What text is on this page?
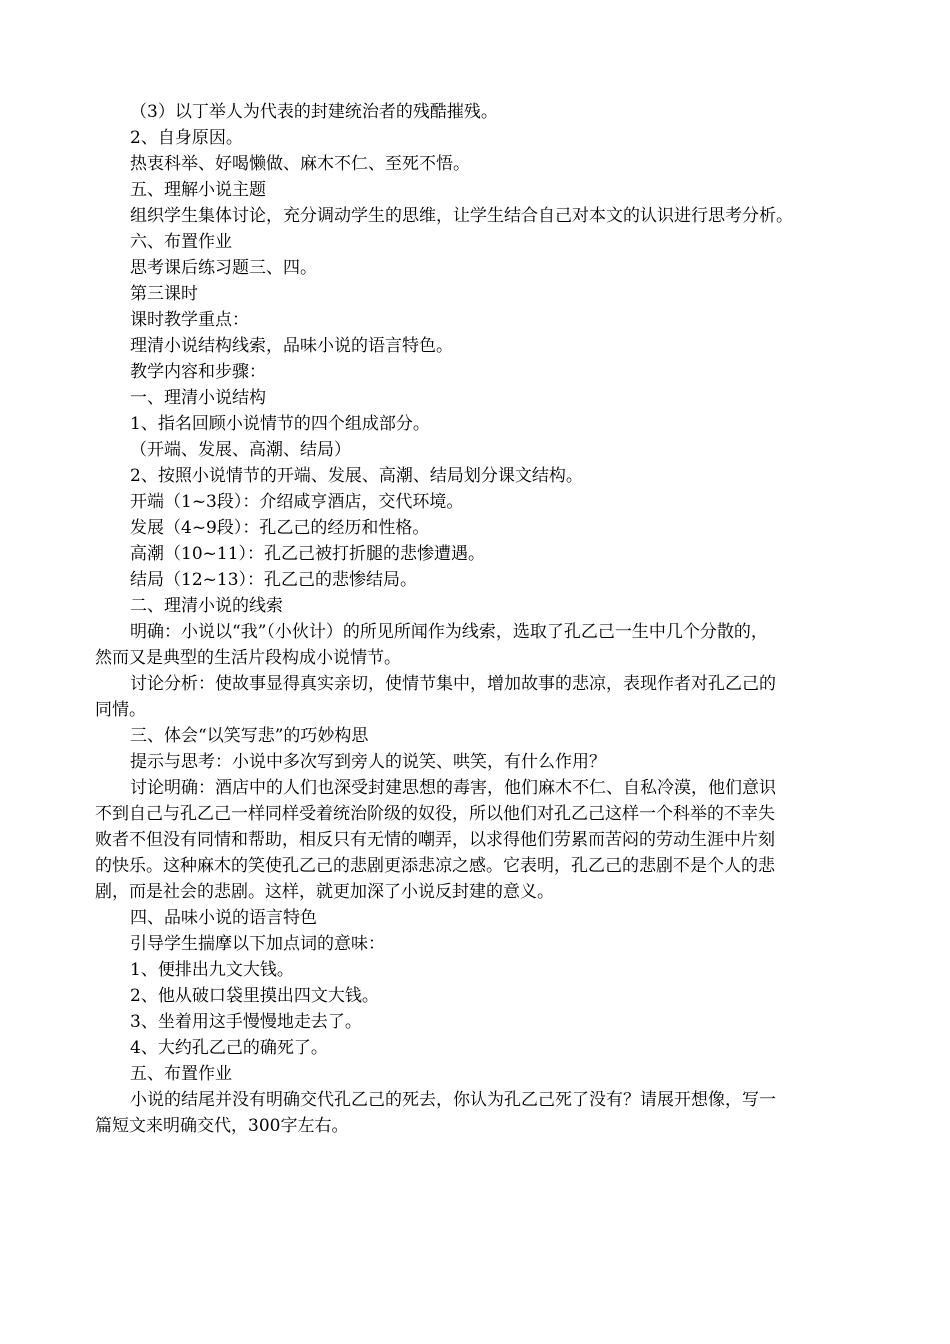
（3）以丁举人为代表的封建统治者的残酷摧残。
2、自身原因。
热衷科举、好喝懒做、麻木不仁、至死不悟。
五、理解小说主题
组织学生集体讨论，充分调动学生的思维，让学生结合自己对本文的认识进行思考分析。
六、布置作业
思考课后练习题三、四。
第三课时
课时教学重点：
理清小说结构线索，品味小说的语言特色。
教学内容和步骤：
一、理清小说结构
1、指名回顾小说情节的四个组成部分。
（开端、发展、高潮、结局）
2、按照小说情节的开端、发展、高潮、结局划分课文结构。
开端（1~3段）：介绍咸亨酒店，交代环境。
发展（4~9段）：孔乙己的经历和性格。
高潮（10~11）：孔乙己被打折腿的悲惨遭遇。
结局（12~13）：孔乙己的悲惨结局。
二、理清小说的线索
明确：小说以“我”（小伙计）的所见所闻作为线索，选取了孔乙己一生中几个分散的，
然而又是典型的生活片段构成小说情节。
讨论分析：使故事显得真实亲切，使情节集中，增加故事的悲凉，表现作者对孔乙己的
同情。
三、体会“以笑写悲”的巧妙构思
提示与思考：小说中多次写到旁人的说笑、哄笑，有什么作用？
讨论明确：酒店中的人们也深受封建思想的毒害，他们麻木不仁、自私冷漠，他们意识
不到自己与孔乙己一样同样受着统治阶级的奴役，所以他们对孔乙己这样一个科举的不幸失
败者不但没有同情和帮助，相反只有无情的嘲弄，以求得他们劳累而苦闷的劳动生涯中片刻
的快乐。这种麻木的笑使孔乙己的悲剧更添悲凉之感。它表明，孔乙己的悲剧不是个人的悲
剧，而是社会的悲剧。这样，就更加深了小说反封建的意义。
四、品味小说的语言特色
引导学生揣摩以下加点词的意味：
1、便排出九文大钱。
2、他从破口袋里摸出四文大钱。
3、坐着用这手慢慢地走去了。
4、大约孔乙己的确死了。
五、布置作业
小说的结尾并没有明确交代孔乙己的死去，你认为孔乙己死了没有？请展开想像，写一
篇短文来明确交代，300字左右。
